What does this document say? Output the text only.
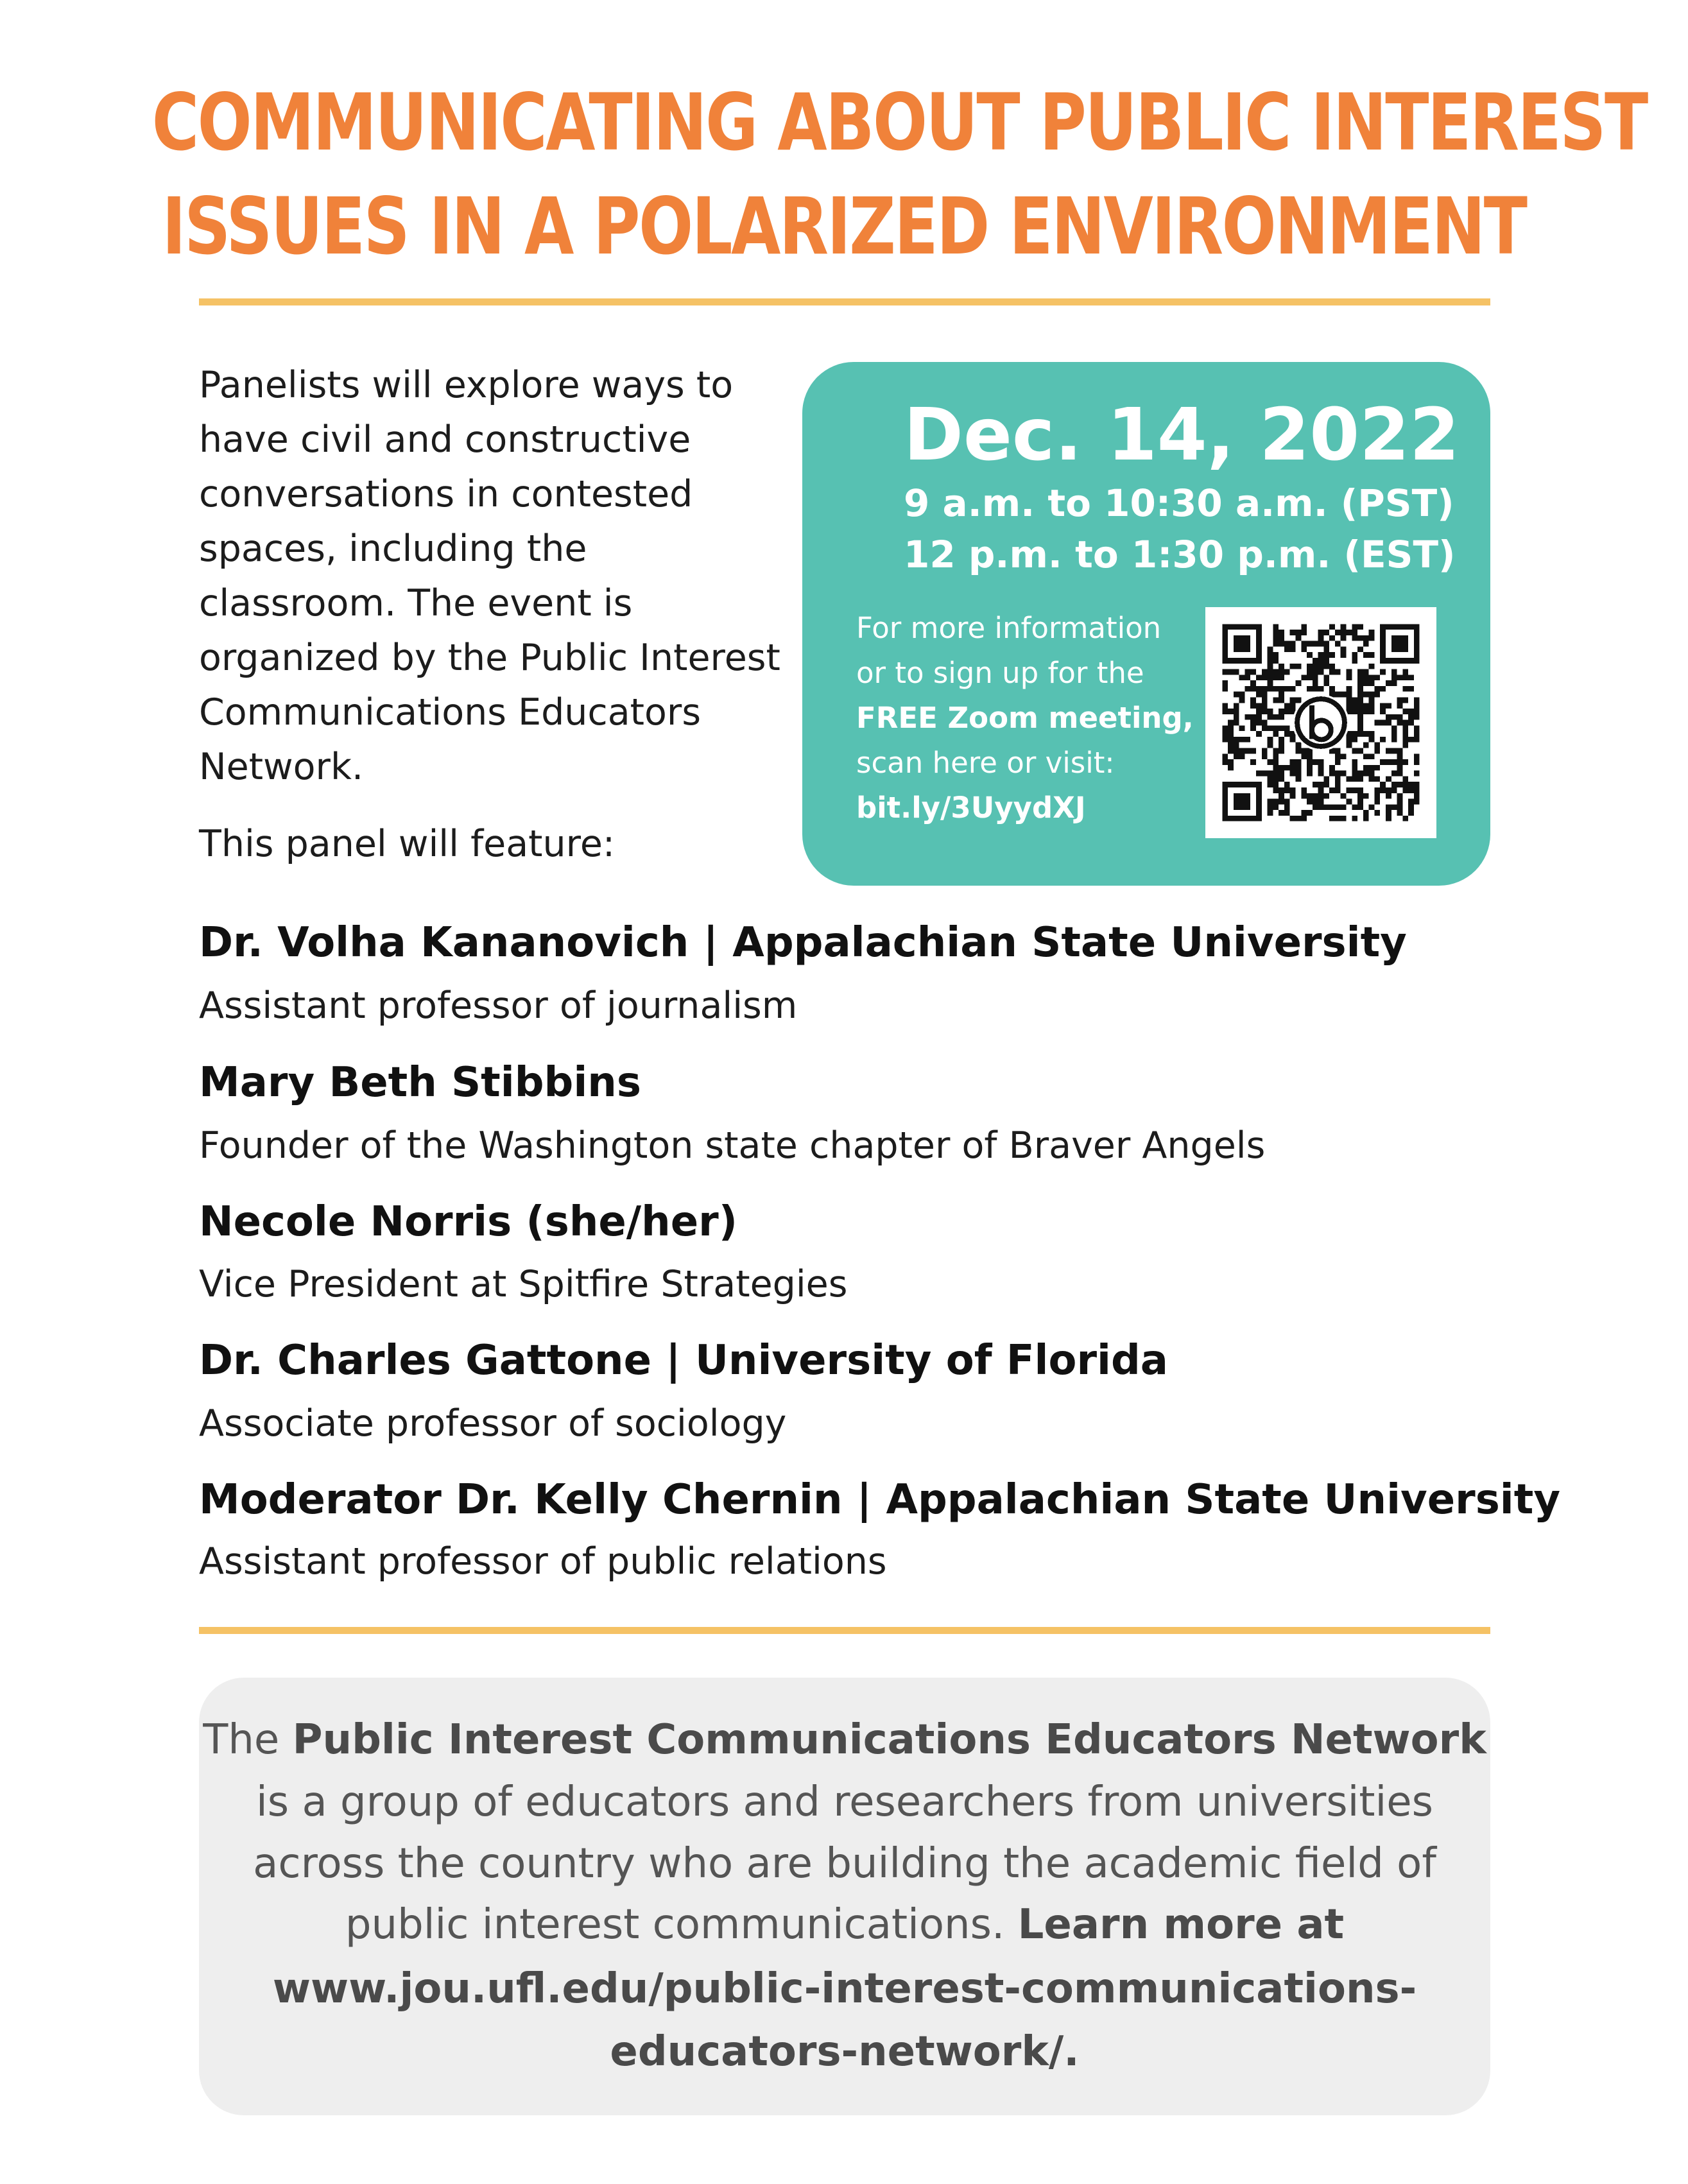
COMMUNICATING ABOUT PUBLIC INTEREST
ISSUES IN A POLARIZED ENVIRONMENT
Panelists will explore ways to
have civil and constructive
conversations in contested
spaces, including the
classroom. The event is
organized by the Public Interest
Communications Educators
Network.
This panel will feature:
Dec. 14, 2022
9 a.m. to 10:30 a.m. (PST)
12 p.m. to 1:30 p.m. (EST)
For more information
or to sign up for the
FREE Zoom meeting,
scan here or visit:
bit.ly/3UyydXJ
Dr. Volha Kananovich | Appalachian State University
Assistant professor of journalism
Mary Beth Stibbins
Founder of the Washington state chapter of Braver Angels
Necole Norris (she/her)
Vice President at Spitfire Strategies
Dr. Charles Gattone | University of Florida
Associate professor of sociology
Moderator Dr. Kelly Chernin | Appalachian State University
Assistant professor of public relations
The Public Interest Communications Educators Network
is a group of educators and researchers from universities
across the country who are building the academic field of
public interest communications. Learn more at
www.jou.ufl.edu/public-interest-communications-
educators-network/.
